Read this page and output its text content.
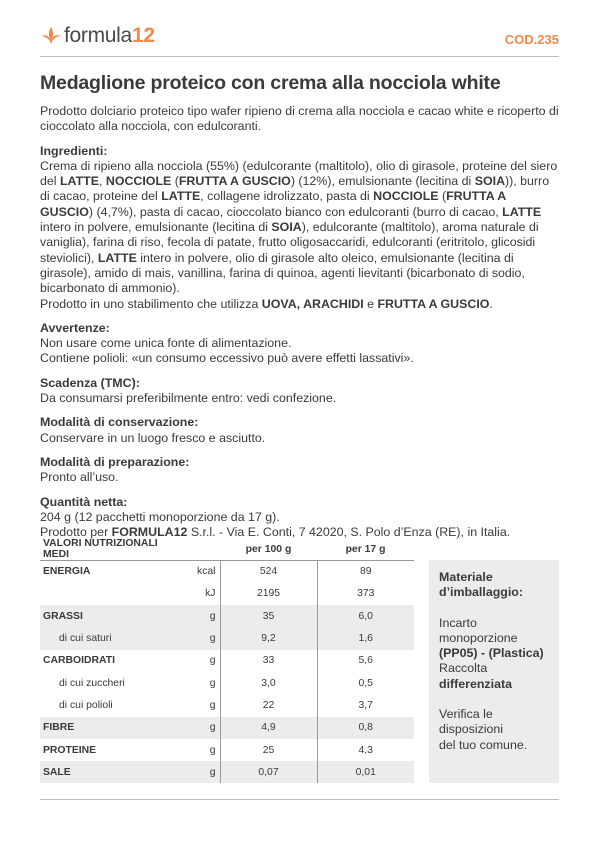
formula12	COD.235
Medaglione proteico con crema alla nocciola white

Prodotto dolciario proteico tipo wafer ripieno di crema alla nocciola e cacao white e ricoperto di cioccolato alla nocciola, con edulcoranti.

Ingredienti:

Crema di ripieno alla nocciola (55%) (edulcorante (maltitolo), olio di girasole, proteine del siero del LATTE, NOCCIOLE (FRUTTA A GUSCIO) (12%), emulsionante (lecitina di SOIA)), burro di cacao, proteine del LATTE, collagene idrolizzato, pasta di NOCCIOLE (FRUTTA A GUSCIO) (4,7%), pasta di cacao, cioccolato bianco con edulcoranti (burro di cacao, LATTE intero in polvere, emulsionante (lecitina di SOIA), edulcorante (maltitolo), aroma naturale di vaniglia), farina di riso, fecola di patate, frutto oligosaccaridi, edulcoranti (eritritolo, glicosidi steviolici), LATTE intero in polvere, olio di girasole alto oleico, emulsionante (lecitina di girasole), amido di mais, vanillina, farina di quinoa, agenti lievitanti (bicarbonato di sodio, bicarbonato di ammonio).

Prodotto in uno stabilimento che utilizza UOVA, ARACHIDI e FRUTTA A GUSCIO.

Avvertenze:

Non usare come unica fonte di alimentazione.

Contiene polioli: «un consumo eccessivo può avere effetti lassativi».

Scadenza (TMC):

Da consumarsi preferibilmente entro: vedi confezione.

Modalità di conservazione:

Conservare in un luogo fresco e asciutto.

Modalità di preparazione:

Pronto all’uso.

Quantità netta:

204 g (12 pacchetti monoporzione da 17 g).

Prodotto per FORMULA12 S.r.l. - Via E. Conti, 7 42020, S. Polo d’Enza (RE), in Italia.

VALORI NUTRIZIONALI MEDI		per 100 g	per 17 g
ENERGIA	kcal	524	89
	kJ	2195	373
GRASSI	g	35	6,0
di cui saturi	g	9,2	1,6
CARBOIDRATI	g	33	5,6
di cui zuccheri	g	3,0	0,5
di cui polioli	g	22	3,7
FIBRE	g	4,9	0,8
PROTEINE	g	25	4,3
SALE	g	0,07	0,01

Materiale

d’imballaggio:

Incarto

monoporzione

(PP05) - (Plastica)

Raccolta

differenziata

Verifica le

disposizioni

del tuo comune.
